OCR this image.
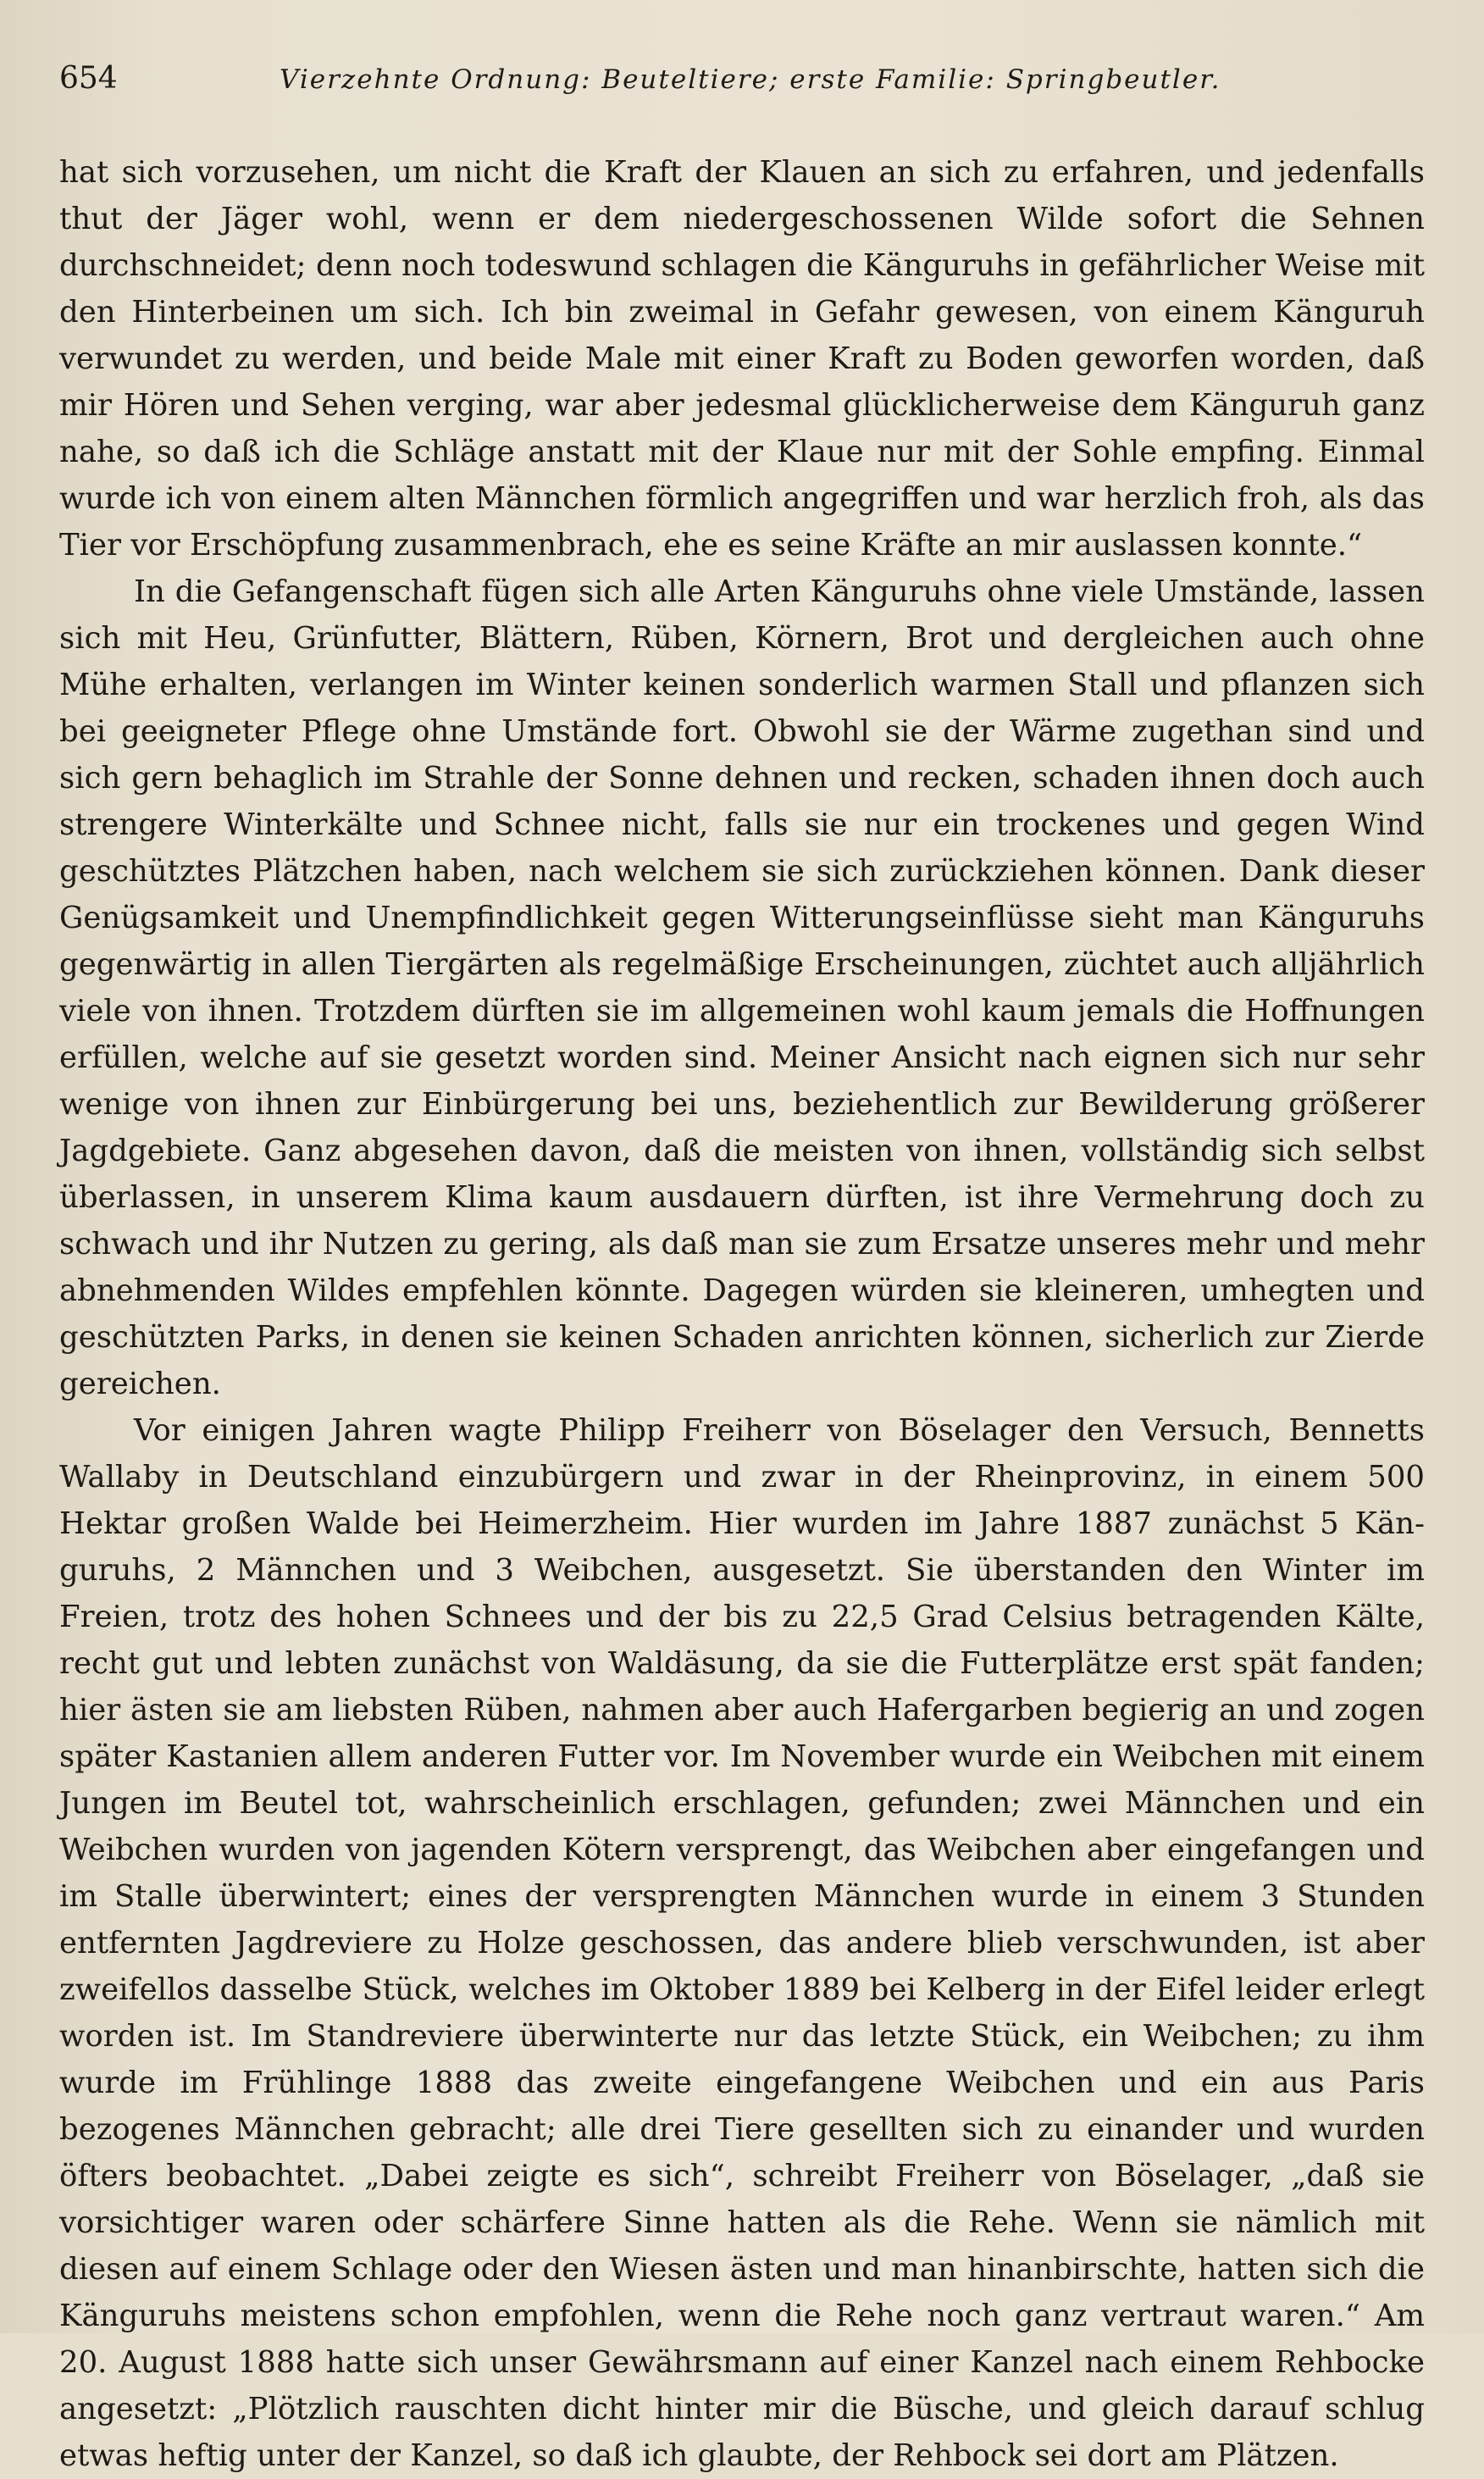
654	Vierzehnte Ordnung: Beuteltiere; erste Familie: Springbeutler.

hat sich vorzusehen, um nicht die Kraft der Klauen an sich zu erfahren, und jedenfalls thut der Jäger wohl, wenn er dem niedergeschossenen Wilde sofort die Sehnen durchschneidet; denn noch todeswund schlagen die Känguruhs in gefährlicher Weise mit den Hinterbeinen um sich. Ich bin zweimal in Gefahr gewesen, von einem Känguruh verwundet zu werden, und beide Male mit einer Kraft zu Boden geworfen worden, daß mir Hören und Sehen verging, war aber jedesmal glücklicherweise dem Känguruh ganz nahe, so daß ich die Schläge anstatt mit der Klaue nur mit der Sohle empfing. Einmal wurde ich von einem alten Männchen förmlich angegriffen und war herzlich froh, als das Tier vor Erschöpfung zusammenbrach, ehe es seine Kräfte an mir auslassen konnte.“

In die Gefangenschaft fügen sich alle Arten Känguruhs ohne viele Umstände, lassen sich mit Heu, Grünfutter, Blättern, Rüben, Körnern, Brot und dergleichen auch ohne Mühe erhalten, verlangen im Winter keinen sonderlich warmen Stall und pflanzen sich bei geeigneter Pflege ohne Umstände fort. Obwohl sie der Wärme zugethan sind und sich gern behaglich im Strahle der Sonne dehnen und recken, schaden ihnen doch auch strengere Winterkälte und Schnee nicht, falls sie nur ein trockenes und gegen Wind geschütztes Plätzchen haben, nach welchem sie sich zurückziehen können. Dank dieser Genügsamkeit und Unempfindlichkeit gegen Witterungseinflüsse sieht man Känguruhs gegenwärtig in allen Tiergärten als regelmäßige Erscheinungen, züchtet auch alljährlich viele von ihnen. Trotzdem dürften sie im allgemeinen wohl kaum jemals die Hoffnungen erfüllen, welche auf sie gesetzt worden sind. Meiner Ansicht nach eignen sich nur sehr wenige von ihnen zur Einbürgerung bei uns, beziehentlich zur Bewilderung größerer Jagdgebiete. Ganz abgesehen davon, daß die meisten von ihnen, vollständig sich selbst überlassen, in unserem Klima kaum ausdauern dürften, ist ihre Vermehrung doch zu schwach und ihr Nutzen zu gering, als daß man sie zum Ersatze unseres mehr und mehr abnehmenden Wildes empfehlen könnte. Dagegen würden sie kleineren, umhegten und geschützten Parks, in denen sie keinen Schaden anrichten können, sicherlich zur Zierde gereichen.

Vor einigen Jahren wagte Philipp Freiherr von Böselager den Versuch, Bennetts Wallaby in Deutschland einzubürgern und zwar in der Rheinprovinz, in einem 500 Hektar großen Walde bei Heimerzheim. Hier wurden im Jahre 1887 zunächst 5 Känguruhs, 2 Männchen und 3 Weibchen, ausgesetzt. Sie überstanden den Winter im Freien, trotz des hohen Schnees und der bis zu 22,5 Grad Celsius betragenden Kälte, recht gut und lebten zunächst von Waldäsung, da sie die Futterplätze erst spät fanden; hier ästen sie am liebsten Rüben, nahmen aber auch Hafergarben begierig an und zogen später Kastanien allem anderen Futter vor. Im November wurde ein Weibchen mit einem Jungen im Beutel tot, wahrscheinlich erschlagen, gefunden; zwei Männchen und ein Weibchen wurden von jagenden Kötern versprengt, das Weibchen aber eingefangen und im Stalle überwintert; eines der versprengten Männchen wurde in einem 3 Stunden entfernten Jagdreviere zu Holze geschossen, das andere blieb verschwunden, ist aber zweifellos dasselbe Stück, welches im Oktober 1889 bei Kelberg in der Eifel leider erlegt worden ist. Im Standreviere überwinterte nur das letzte Stück, ein Weibchen; zu ihm wurde im Frühlinge 1888 das zweite eingefangene Weibchen und ein aus Paris bezogenes Männchen gebracht; alle drei Tiere gesellten sich zu einander und wurden öfters beobachtet. „Dabei zeigte es sich“, schreibt Freiherr von Böselager, „daß sie vorsichtiger waren oder schärfere Sinne hatten als die Rehe. Wenn sie nämlich mit diesen auf einem Schlage oder den Wiesen ästen und man hinanbirschte, hatten sich die Känguruhs meistens schon empfohlen, wenn die Rehe noch ganz vertraut waren.“ Am 20. August 1888 hatte sich unser Gewährsmann auf einer Kanzel nach einem Rehbocke angesetzt: „Plötzlich rauschten dicht hinter mir die Büsche, und gleich darauf schlug etwas heftig unter der Kanzel, so daß ich glaubte, der Rehbock sei dort am Plätzen.
